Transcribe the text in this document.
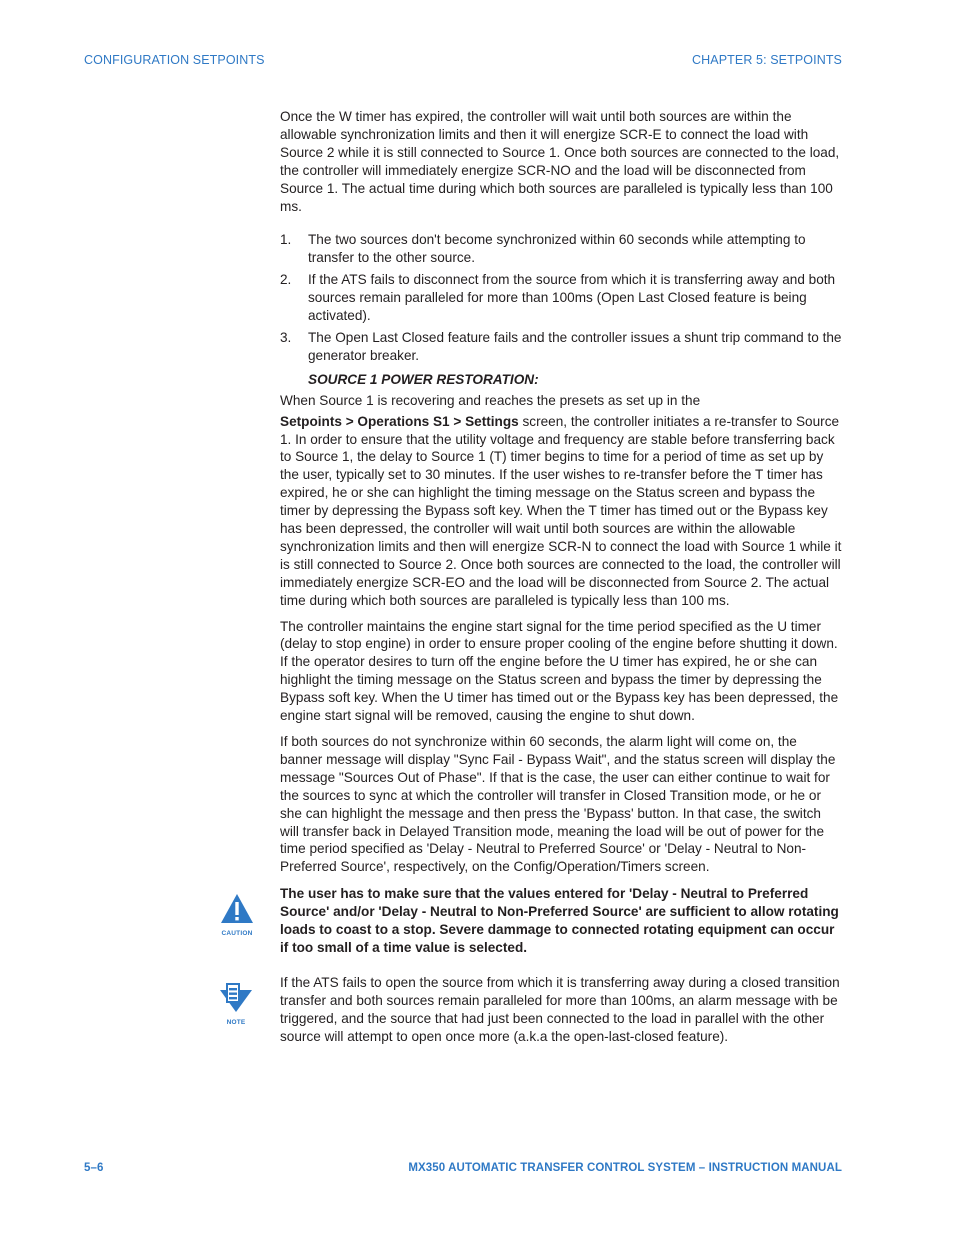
CONFIGURATION SETPOINTS	CHAPTER 5: SETPOINTS

Once the W timer has expired, the controller will wait until both sources are within the allowable synchronization limits and then it will energize SCR-E to connect the load with Source 2 while it is still connected to Source 1. Once both sources are connected to the load, the controller will immediately energize SCR-NO and the load will be disconnected from Source 1. The actual time during which both sources are paralleled is typically less than 100 ms.

1. The two sources don't become synchronized within 60 seconds while attempting to transfer to the other source.
2. If the ATS fails to disconnect from the source from which it is transferring away and both sources remain paralleled for more than 100ms (Open Last Closed feature is being activated).
3. The Open Last Closed feature fails and the controller issues a shunt trip command to the generator breaker.
SOURCE 1 POWER RESTORATION:

When Source 1 is recovering and reaches the presets as set up in the

Setpoints > Operations S1 > Settings screen, the controller initiates a re-transfer to Source 1. In order to ensure that the utility voltage and frequency are stable before transferring back to Source 1, the delay to Source 1 (T) timer begins to time for a period of time as set up by the user, typically set to 30 minutes. If the user wishes to re-transfer before the T timer has expired, he or she can highlight the timing message on the Status screen and bypass the timer by depressing the Bypass soft key. When the T timer has timed out or the Bypass key has been depressed, the controller will wait until both sources are within the allowable synchronization limits and then will energize SCR-N to connect the load with Source 1 while it is still connected to Source 2. Once both sources are connected to the load, the controller will immediately energize SCR-EO and the load will be disconnected from Source 2. The actual time during which both sources are paralleled is typically less than 100 ms.

The controller maintains the engine start signal for the time period specified as the U timer (delay to stop engine) in order to ensure proper cooling of the engine before shutting it down. If the operator desires to turn off the engine before the U timer has expired, he or she can highlight the timing message on the Status screen and bypass the timer by depressing the Bypass soft key. When the U timer has timed out or the Bypass key has been depressed, the engine start signal will be removed, causing the engine to shut down.

If both sources do not synchronize within 60 seconds, the alarm light will come on, the banner message will display "Sync Fail - Bypass Wait", and the status screen will display the message "Sources Out of Phase". If that is the case, the user can either continue to wait for the sources to sync at which the controller will transfer in Closed Transition mode, or he or she can highlight the message and then press the 'Bypass' button. In that case, the switch will transfer back in Delayed Transition mode, meaning the load will be out of power for the time period specified as 'Delay - Neutral to Preferred Source' or 'Delay - Neutral to Non-Preferred Source', respectively, on the Config/Operation/Timers screen.

CAUTION
The user has to make sure that the values entered for 'Delay - Neutral to Preferred Source' and/or 'Delay - Neutral to Non-Preferred Source' are sufficient to allow rotating loads to coast to a stop. Severe dammage to connected rotating equipment can occur if too small of a time value is selected.
NOTE
If the ATS fails to open the source from which it is transferring away during a closed transition transfer and both sources remain paralleled for more than 100ms, an alarm message with be triggered, and the source that had just been connected to the load in parallel with the other source will attempt to open once more (a.k.a the open-last-closed feature).
5–6	MX350 AUTOMATIC TRANSFER CONTROL SYSTEM – INSTRUCTION MANUAL
